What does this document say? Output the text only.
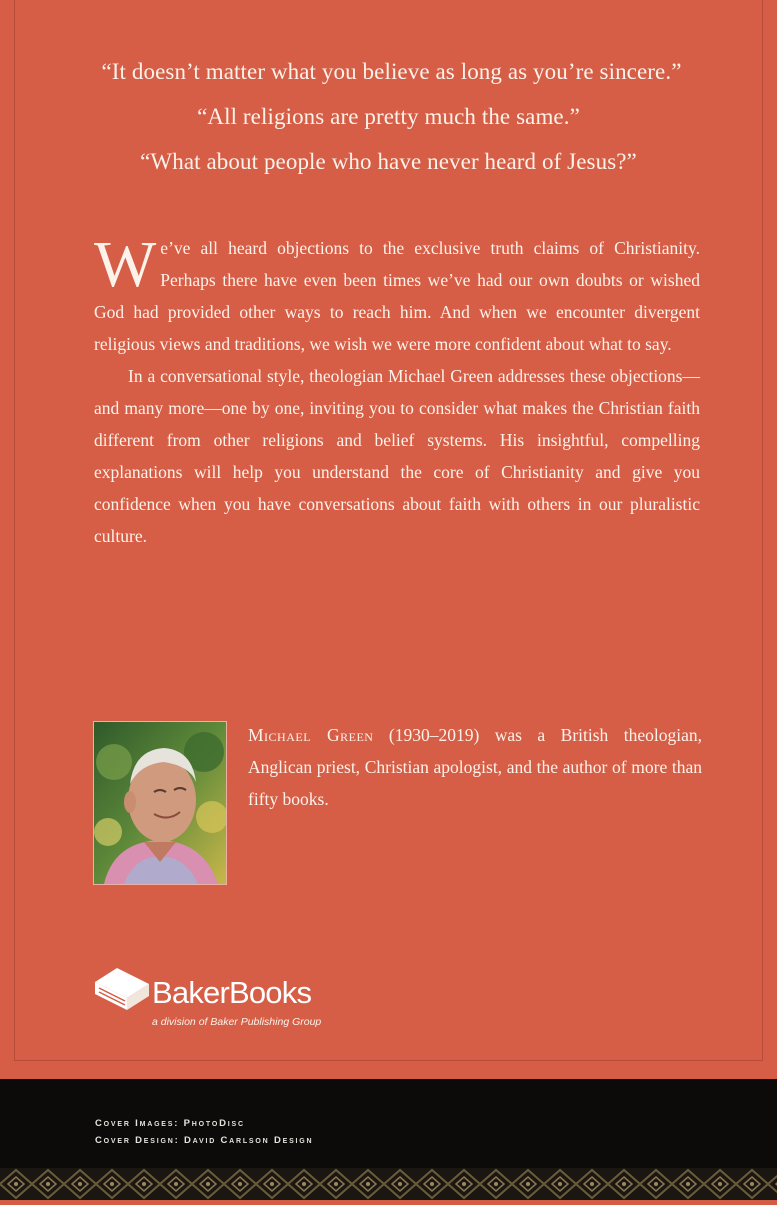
“It doesn’t matter what you believe as long as you’re sincere.”

“All religions are pretty much the same.”

“What about people who have never heard of Jesus?”

We’ve all heard objections to the exclusive truth claims of Christianity. Perhaps there have even been times we’ve had our own doubts or wished God had provided other ways to reach him. And when we encounter divergent religious views and traditions, we wish we were more confident about what to say.

In a conversational style, theologian Michael Green addresses these objections—and many more—one by one, inviting you to consider what makes the Christian faith different from other religions and belief systems. His insightful, compelling explanations will help you understand the core of Christianity and give you confidence when you have conversations about faith with others in our pluralistic culture.

Michael Green (1930–2019) was a British theologian, Anglican priest, Christian apologist, and the author of more than fifty books.
BakerBooks
a division of Baker Publishing Group
Cover Images: PhotoDisc
Cover Design: David Carlson Design
